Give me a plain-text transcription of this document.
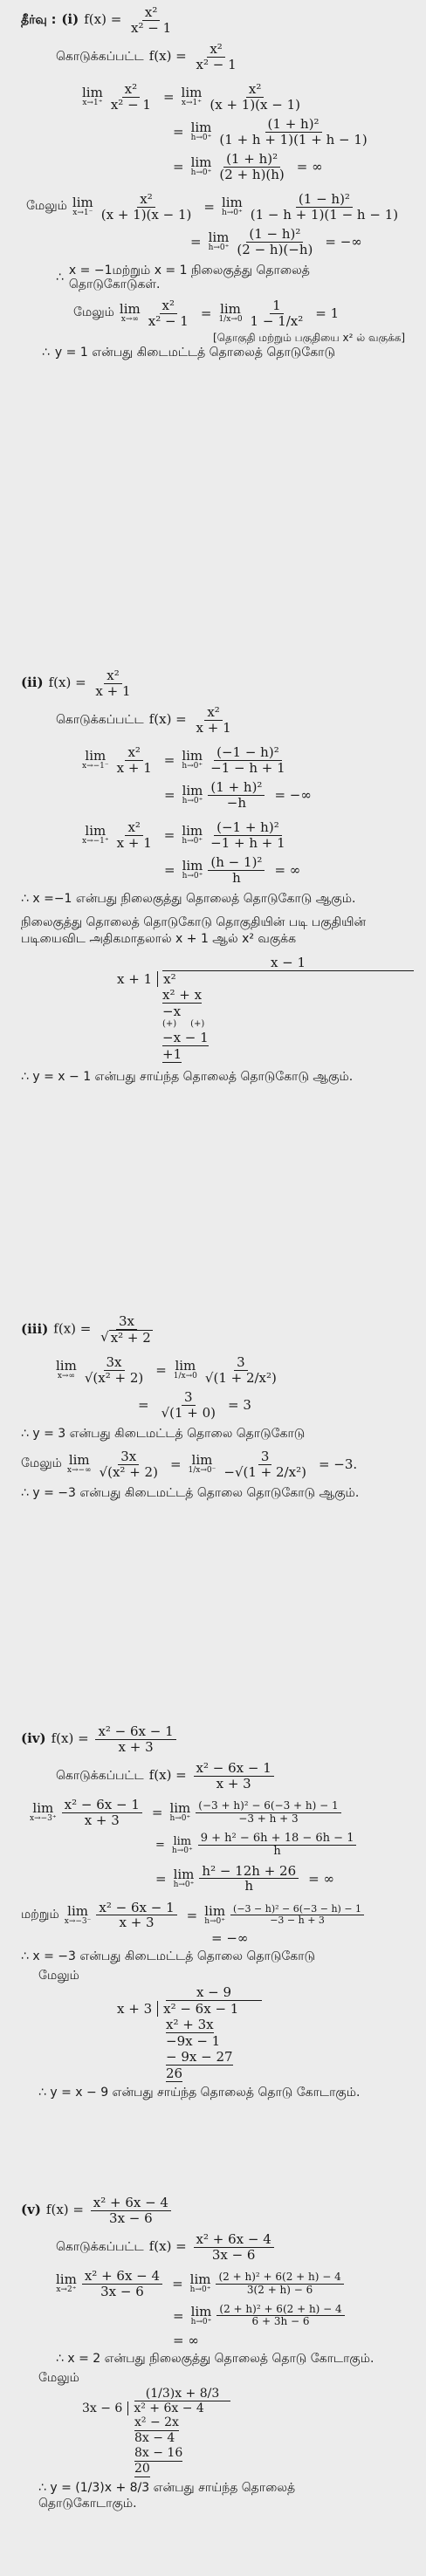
தீர்வு : (i) $f(x) = \frac{\text{x²}}{\text{x² − 1}}$
கொடுக்கப்பட்ட $f(x) = \frac{\text{x²}}{\text{x² − 1}}$
lim
$x\to 1^+ \frac{\text{x²}}{\text{x² − 1}} = \lim$
$x\to 1^+ \frac{\text{x²}}{(x + 1)(x - 1)}$
= lim
$h\to 0^+ \frac{\text{(1 + h)²}}{(1 + h + 1)(1 + h - 1)}$
= lim
$h\to 0^+ \frac{\text{(1 + h)²}}{(2 + h)(h)}$ = ∞
மேலும் lim
$x\to 1^- \frac{\text{x²}}{(x + 1)(x - 1)} = \lim$
$h\to 0^+ \frac{\text{(1 − h)²}}{(1 - h + 1)(1 - h - 1)}$
= lim
$h\to 0^+ \frac{\text{(1 − h)²}}{(2 - h)(-h)}$ = −∞
∴ x = −1மற்றும் x = 1 நிலைகுத்து தொலைத் தொடுகோடுகள்.
மேலும் lim
$x\to\infty \frac{\text{x²}}{\text{x² − 1}} = \lim$
$1/x\to 0 \frac{1}{\text{1 − 1/x²}} = 1$
[தொகுதி மற்றும் பகுதியை x² ல் வகுக்க]
∴ y = 1 என்பது கிடைமட்டத் தொலைத் தொடுகோடு
(ii) $f(x) = \frac{\text{x²}}{x + 1}$
கொடுக்கப்பட்ட $f(x) = \frac{\text{x²}}{x + 1}$
lim
$x\to-1^- \frac{\text{x²}}{x + 1} = \lim$
$h\to 0^+ \frac{\text{(−1 − h)²}}{-1 - h + 1}$
= lim
$h\to 0^+ \frac{\text{(1 + h)²}}{-h}$ = −∞
lim
$x\to-1^+ \frac{\text{x²}}{x + 1} = \lim$
$h\to 0^+ \frac{\text{(−1 + h)²}}{-1 + h + 1}$
= lim
$h\to 0^+ \frac{\text{(h − 1)²}}{h}$ = ∞
∴ x =−1 என்பது நிலைகுத்து தொலைத் தொடுகோடு ஆகும்.
நிலைகுத்து தொலைத் தொடுகோடு தொகுதியின் படி பகுதியின் படியைவிட அதிகமாதலால் x + 1 ஆல் x² வகுக்க
x − 1
x + 1 x²
x² + x
−x
(+)     (+)
−x − 1
+1
∴ y = x − 1 என்பது சாய்ந்த தொலைத் தொடுகோடு ஆகும்.
(iii) $f(x) = \frac{3x}{\text{√ x² + 2}}$
lim
$x\to\infty \frac{3x}{\text{√(x² + 2)}} = \lim$
$1/x\to 0 \frac{3}{\text{√(1 + 2/x²)}}$
= $\frac{3}{√(1 + 0)} = 3$
∴ y = 3 என்பது கிடைமட்டத் தொலை தொடுகோடு
மேலும் lim
$x\to-\infty \frac{3x}{\text{√(x² + 2)}} = \lim$
$1/x\to 0^- \frac{3}{\text{−√(1 + 2/x²)}} = -3$.
∴ y = −3 என்பது கிடைமட்டத் தொலை தொடுகோடு ஆகும்.
(iv) $f(x) = \frac{\text{x² − 6x − 1}}{x + 3}$
கொடுக்கப்பட்ட $f(x) = \frac{\text{x² − 6x − 1}}{x + 3}$
lim
$x\to-3^+ \frac{\text{x² − 6x − 1}}{x + 3} = \lim$
$h\to 0^+ \frac{\text{(−3 + h)² − 6(−3 + h) − 1}}{-3 + h + 3}$
= lim
$h\to 0^+ \frac{\text{9 + h² − 6h + 18 − 6h − 1}}{h}$
= lim
$h\to 0^+ \frac{\text{h² − 12h + 26}}{h}$ = ∞
மற்றும் lim
$x\to-3^- \frac{\text{x² − 6x − 1}}{x + 3} = \lim$
$h\to 0^+ \frac{\text{(−3 − h)² − 6(−3 − h) − 1}}{-3 - h + 3}$
= −∞
∴ x = −3 என்பது கிடைமட்டத் தொலை தொடுகோடு
மேலும்
x − 9
x + 3 x² − 6x − 1
x² + 3x
−9x − 1
− 9x − 27
26
∴ y = x − 9 என்பது சாய்ந்த தொலைத் தொடு கோடாகும்.
(v) $f(x) = \frac{\text{x² + 6x − 4}}{3x - 6}$
கொடுக்கப்பட்ட $f(x) = \frac{\text{x² + 6x − 4}}{3x - 6}$
lim
$x\to 2^+ \frac{\text{x² + 6x − 4}}{3x - 6} = \lim$
$h\to 0^+ \frac{\text{(2 + h)² + 6(2 + h) − 4}}{3(2 + h) - 6}$
= lim
$h\to 0^+ \frac{\text{(2 + h)² + 6(2 + h) − 4}}{6 + 3h - 6}$
= ∞
∴ x = 2 என்பது நிலைகுத்து தொலைத் தொடு கோடாகும்.
மேலும்
(1/3)x + 8/3
3x − 6 x² + 6x − 4
x² − 2x
8x − 4
8x − 16
20
∴ y = (1/3)x + 8/3 என்பது சாய்ந்த தொலைத் தொடுகோடாகும்.
